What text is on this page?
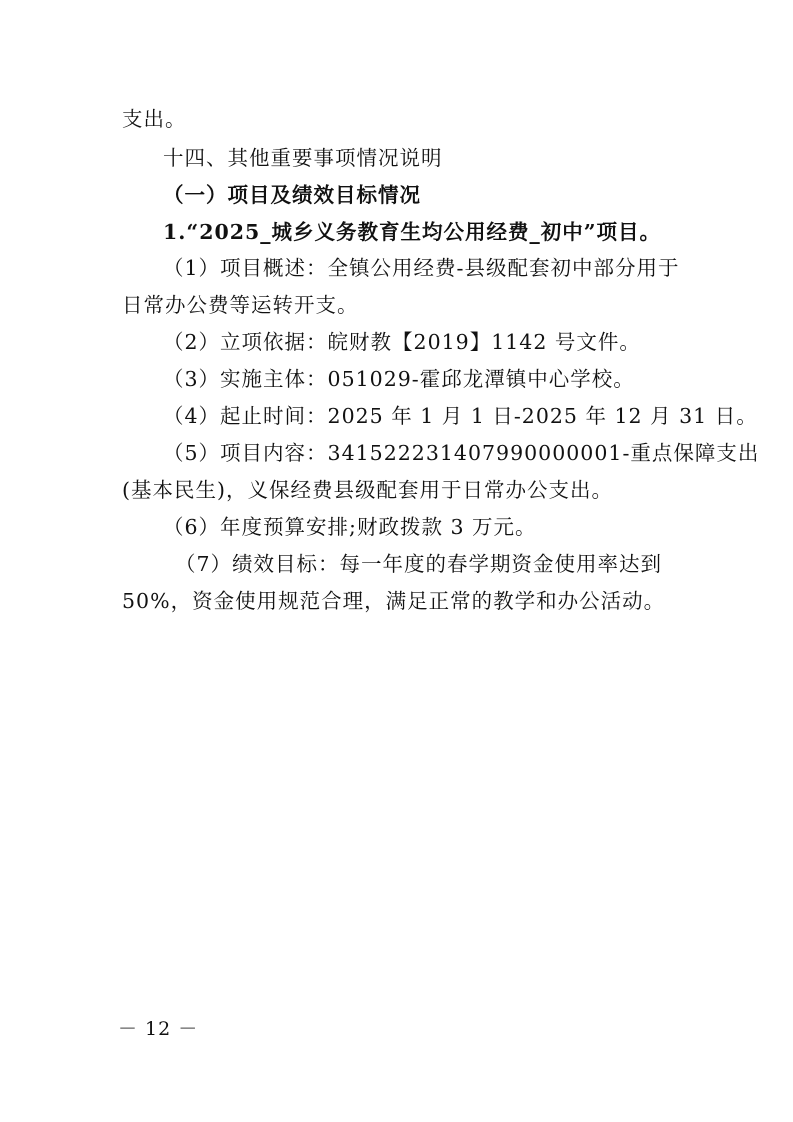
支出。
十四、其他重要事项情况说明
（一）项目及绩效目标情况
1.“2025_城乡义务教育生均公用经费_初中”项目。
（1）项目概述：全镇公用经费-县级配套初中部分用于
日常办公费等运转开支。
（2）立项依据：皖财教【2019】1142 号文件。
（3）实施主体：051029-霍邱龙潭镇中心学校。
（4）起止时间：2025 年 1 月 1 日-2025 年 12 月 31 日。
（5）项目内容：341522231407990000001-重点保障支出
(基本民生)，义保经费县级配套用于日常办公支出。
（6）年度预算安排;财政拨款 3 万元。
（7）绩效目标：每一年度的春学期资金使用率达到
50%，资金使用规范合理，满足正常的教学和办公活动。
－ 12 －
